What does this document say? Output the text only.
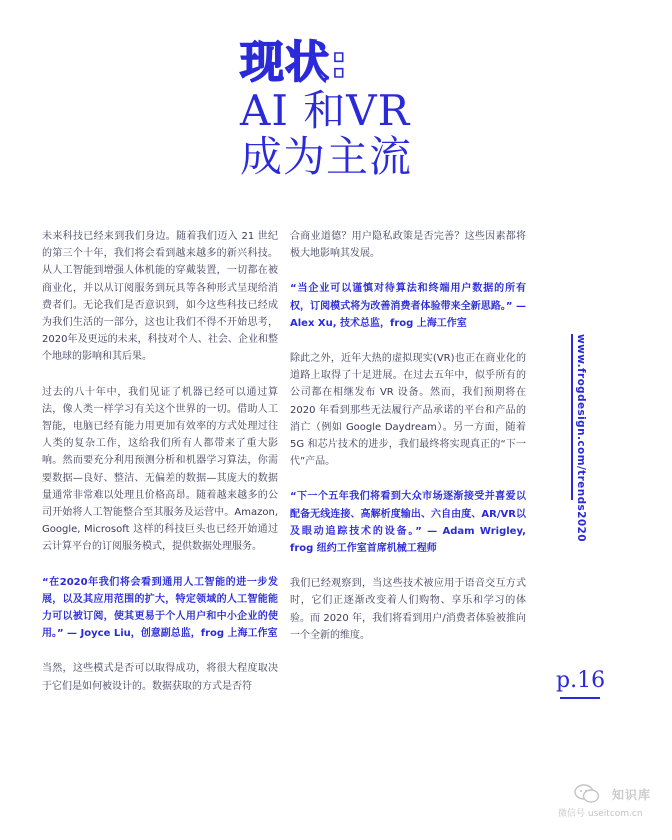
现状:
AI 和VR
成为主流

未来科技已经来到我们身边。随着我们迈入 21 世纪的第三个十年，我们将会看到越来越多的新兴科技。从人工智能到增强人体机能的穿戴装置，一切都在被商业化，并以从订阅服务到玩具等各种形式呈现给消费者们。无论我们是否意识到，如今这些科技已经成为我们生活的一部分，这也让我们不得不开始思考，2020年及更远的未来，科技对个人、社会、企业和整个地球的影响和其后果。

过去的八十年中，我们见证了机器已经可以通过算法，像人类一样学习有关这个世界的一切。借助人工智能，电脑已经有能力用更加有效率的方式处理过往人类的复杂工作，这给我们所有人都带来了重大影响。然而要充分利用预测分析和机器学习算法，你需要数据—良好、整洁、无偏差的数据—其庞大的数据量通常非常难以处理且价格高昂。随着越来越多的公司开始将人工智能整合至其服务及运营中。Amazon, Google, Microsoft 这样的科技巨头也已经开始通过云计算平台的订阅服务模式，提供数据处理服务。

“在2020年我们将会看到通用人工智能的进一步发展，以及其应用范围的扩大，特定领域的人工智能能力可以被订阅，使其更易于个人用户和中小企业的使用。” — Joyce Liu，创意副总监，frog 上海工作室

当然，这些模式是否可以取得成功，将很大程度取决于它们是如何被设计的。数据获取的方式是否符

合商业道德？用户隐私政策是否完善？这些因素都将极大地影响其发展。

“当企业可以谨慎对待算法和终端用户数据的所有权，订阅模式将为改善消费者体验带来全新思路。” — Alex Xu, 技术总监，frog 上海工作室

除此之外，近年大热的虚拟现实(VR)也正在商业化的道路上取得了十足进展。在过去五年中，似乎所有的公司都在相继发布 VR 设备。然而，我们预期将在 2020 年看到那些无法履行产品承诺的平台和产品的消亡（例如 Google Daydream）。另一方面，随着 5G 和芯片技术的进步，我们最终将实现真正的“下一代”产品。

“下一个五年我们将看到大众市场逐渐接受并喜爱以配备无线连接、高解析度输出、六自由度、AR/VR以及眼动追踪技术的设备。” — Adam Wrigley, frog 纽约工作室首席机械工程师

我们已经观察到，当这些技术被应用于语音交互方式时，它们正逐渐改变着人们购物、享乐和学习的体验。而 2020 年，我们将看到用户/消费者体验被推向一个全新的维度。

www.frogdesign.com/trends2020
p.16
知识库
微信号 useitcom.cn
